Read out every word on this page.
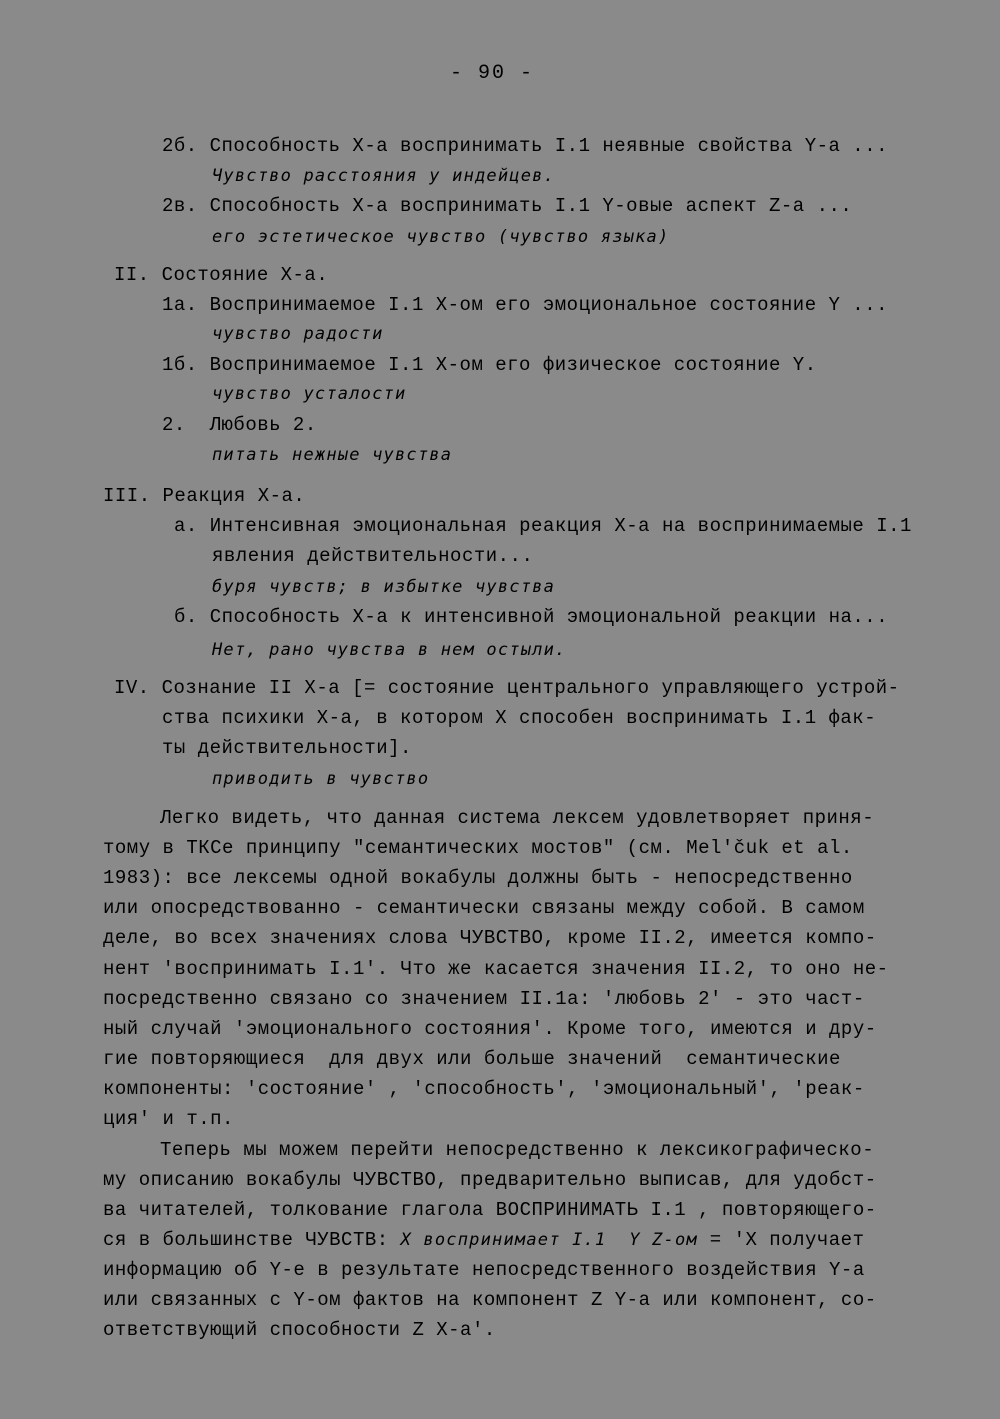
- 90 -
2б. Способность Х-а воспринимать I.1 неявные свойства Y-а ...
Чувство расстояния у индейцев.
2в. Способность Х-а воспринимать I.1 Y-овые аспект Z-а ...
его эстетическое чувство (чувство языка)
II. Состояние Х-а.
1а. Воспринимаемое I.1 Х-ом его эмоциональное состояние Y ...
чувство радости
1б. Воспринимаемое I.1 Х-ом его физическое состояние Y.
чувство усталости
2.  Любовь 2.
питать нежные чувства
III. Реакция Х-а.
а. Интенсивная эмоциональная реакция Х-а на воспринимаемые I.1
явления действительности...
буря чувств; в избытке чувства
б. Способность Х-а к интенсивной эмоциональной реакции на...
Нет, рано чувства в нем остыли.
IV. Сознание II Х-а [= состояние центрального управляющего устрой-
ства психики Х-а, в котором Х способен воспринимать I.1 фак-
ты действительности].
приводить в чувство
Легко видеть, что данная система лексем удовлетворяет приня-
тому в ТКСе принципу "семантических мостов" (см. Mel'čuk et al.
1983): все лексемы одной вокабулы должны быть - непосредственно
или опосредствованно - семантически связаны между собой. В самом
деле, во всех значениях слова ЧУВСТВО, кроме II.2, имеется компо-
нент 'воспринимать I.1'. Что же касается значения II.2, то оно не-
посредственно связано со значением II.1а: 'любовь 2' - это част-
ный случай 'эмоционального состояния'. Кроме того, имеются и дру-
гие повторяющиеся  для двух или больше значений  семантические
компоненты: 'состояние' , 'способность', 'эмоциональный', 'реак-
ция' и т.п.
Теперь мы можем перейти непосредственно к лексикографическо-
му описанию вокабулы ЧУВСТВО, предварительно выписав, для удобст-
ва читателей, толкование глагола ВОСПРИНИМАТЬ I.1 , повторяющего-
ся в большинстве ЧУВСТВ: Х воспринимает I.1  Y Z-ом = 'Х получает
информацию об Y-е в результате непосредственного воздействия Y-а
или связанных с Y-ом фактов на компонент Z Y-а или компонент, со-
ответствующий способности Z Х-а'.
